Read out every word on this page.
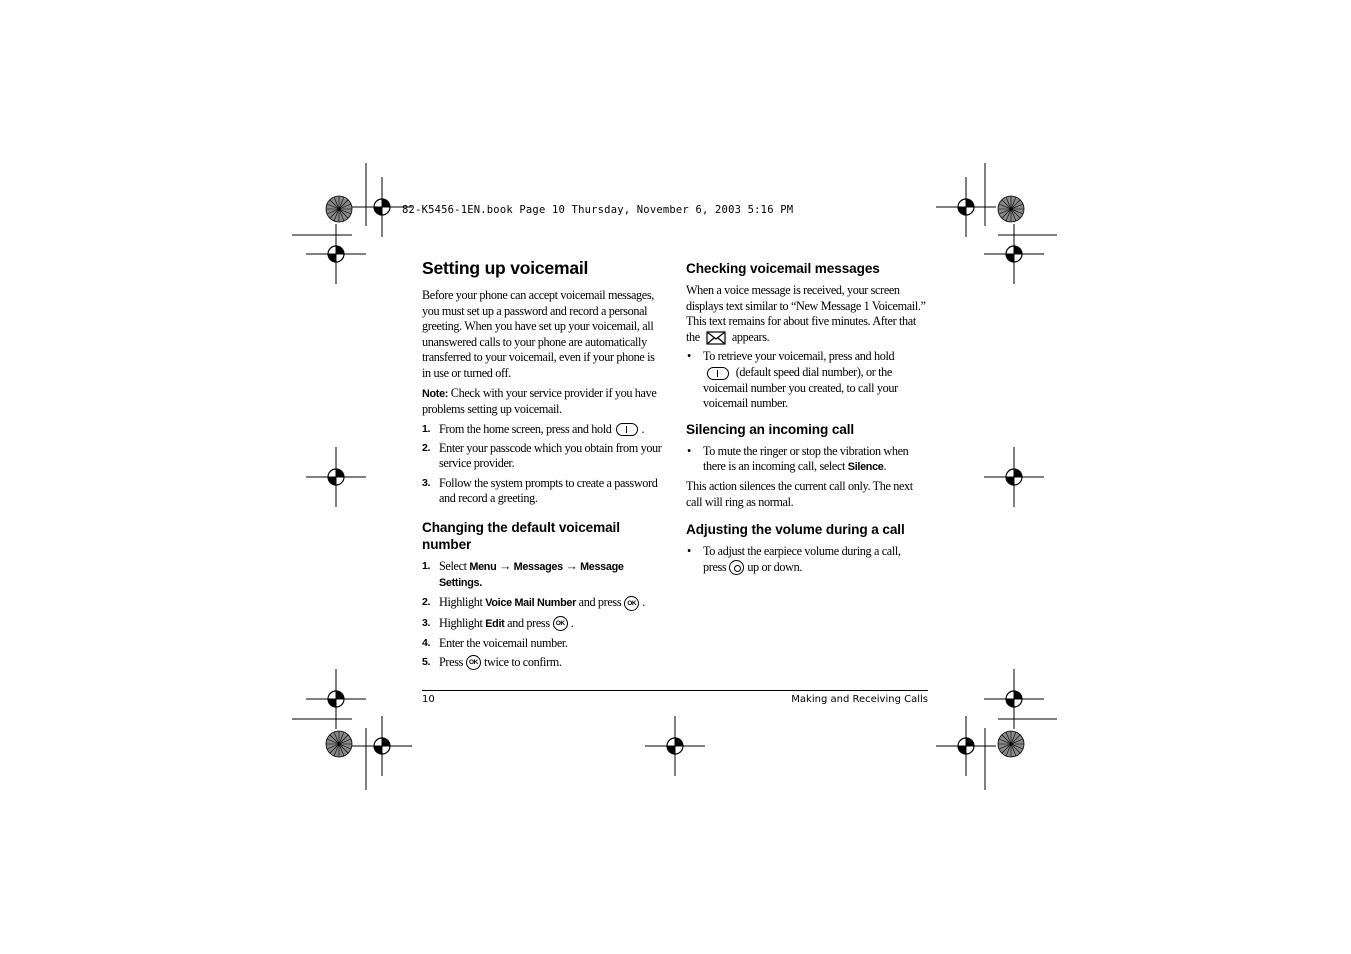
82-K5456-1EN.book Page 10 Thursday, November 6, 2003 5:16 PM
Setting up voicemail

Before your phone can accept voicemail messages, you must set up a password and record a personal greeting. When you have set up your voicemail, all unanswered calls to your phone are automatically transferred to your voicemail, even if your phone is in use or turned off.

Note: Check with your service provider if you have problems setting up voicemail.

1. From the home screen, press and hold .
2. Enter your passcode which you obtain from your service provider.
3. Follow the system prompts to create a password and record a greeting.
Changing the default voicemail number
1. Select Menu → Messages → Message Settings.
2. Highlight Voice Mail Number and press OK .
3. Highlight Edit and press OK .
4. Enter the voicemail number.
5. Press OK twice to confirm.
Checking voicemail messages

When a voice message is received, your screen displays text similar to “New Message 1 Voicemail.” This text remains for about five minutes. After that the	appears.

• To retrieve your voicemail, press and hold  (default speed dial number), or the voicemail number you created, to call your voicemail number.
Silencing an incoming call
• To mute the ringer or stop the vibration when there is an incoming call, select Silence.

This action silences the current call only. The next call will ring as normal.

Adjusting the volume during a call
• To adjust the earpiece volume during a call, press up or down.
10	Making and Receiving Calls
